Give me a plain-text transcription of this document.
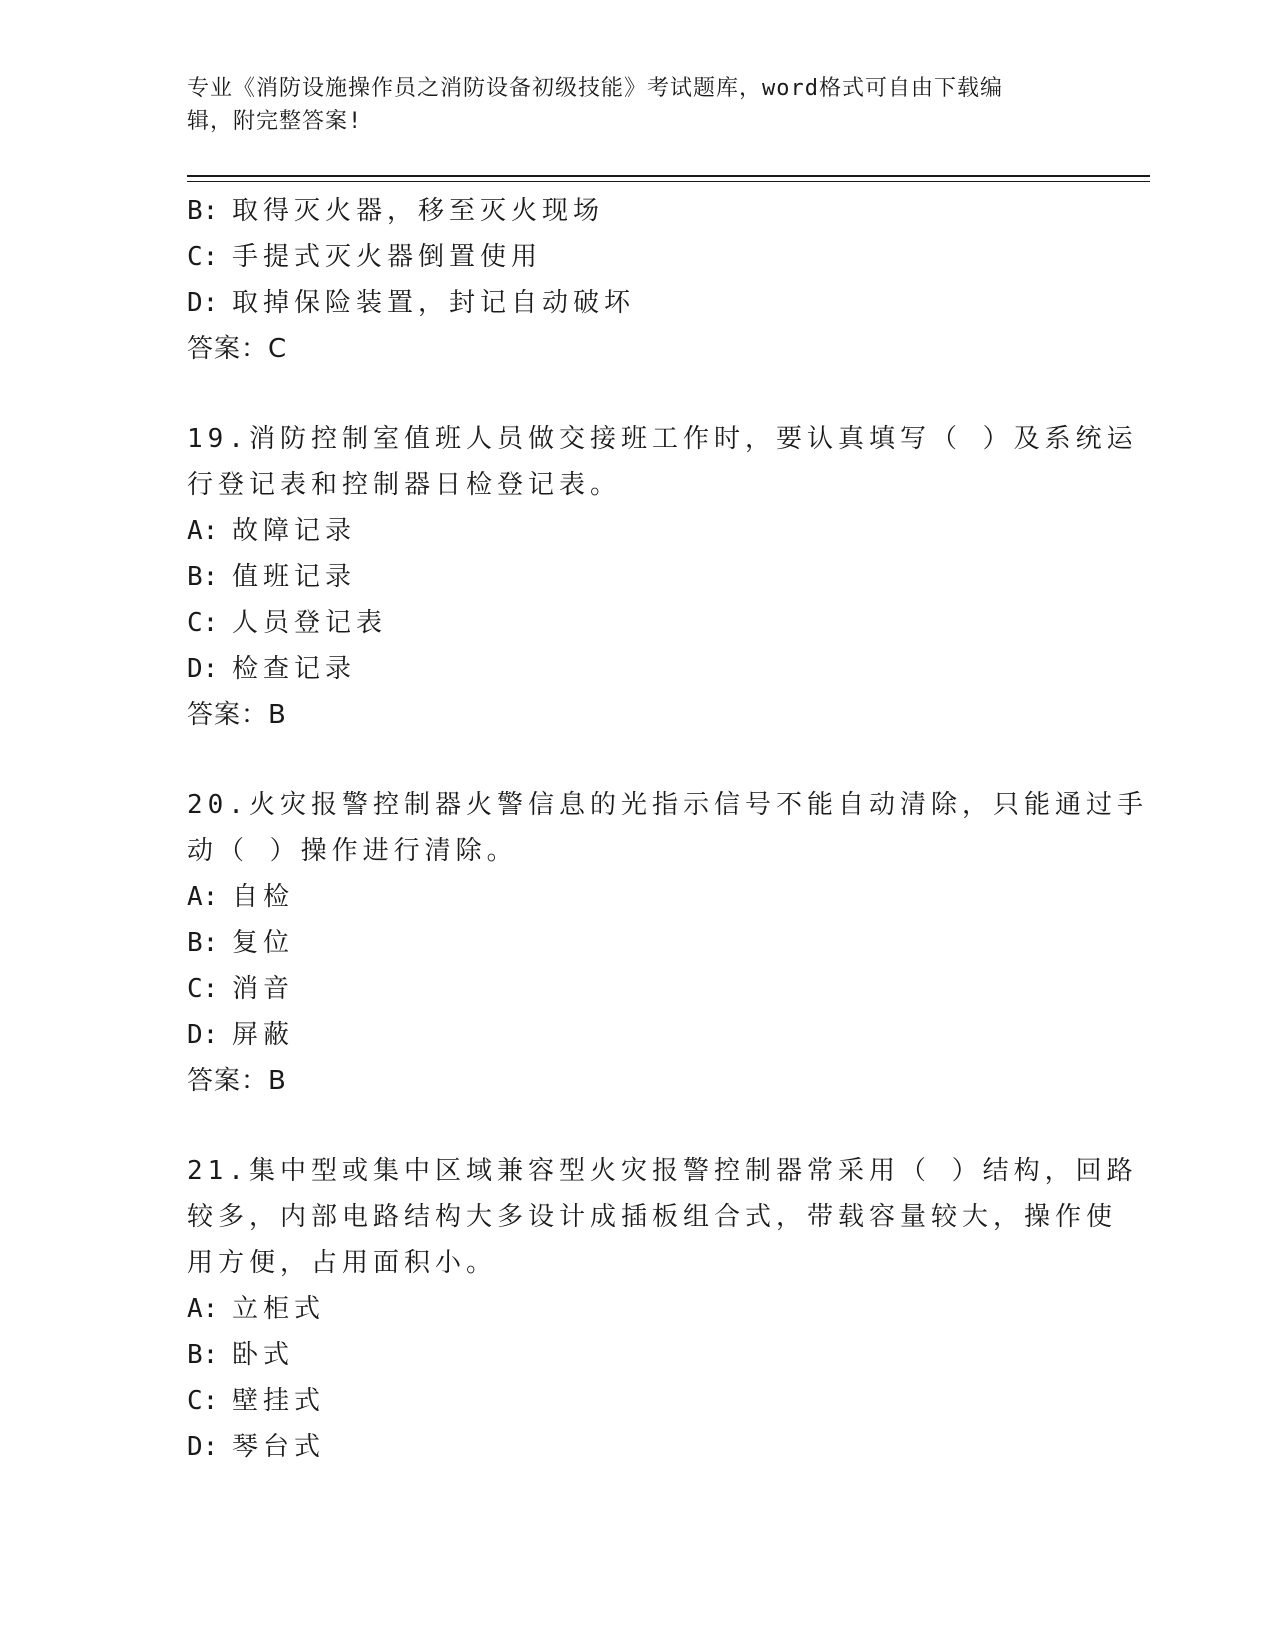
专业《消防设施操作员之消防设备初级技能》考试题库，word格式可自由下载编
辑，附完整答案!
B: 取得灭火器，移至灭火现场
C: 手提式灭火器倒置使用
D: 取掉保险装置，封记自动破坏
答案：C
19.消防控制室值班人员做交接班工作时，要认真填写（ ）及系统运
行登记表和控制器日检登记表。
A: 故障记录
B: 值班记录
C: 人员登记表
D: 检查记录
答案：B
20.火灾报警控制器火警信息的光指示信号不能自动清除，只能通过手
动（ ）操作进行清除。
A: 自检
B: 复位
C: 消音
D: 屏蔽
答案：B
21.集中型或集中区域兼容型火灾报警控制器常采用（ ）结构，回路
较多，内部电路结构大多设计成插板组合式，带载容量较大，操作使
用方便，占用面积小。
A: 立柜式
B: 卧式
C: 壁挂式
D: 琴台式
